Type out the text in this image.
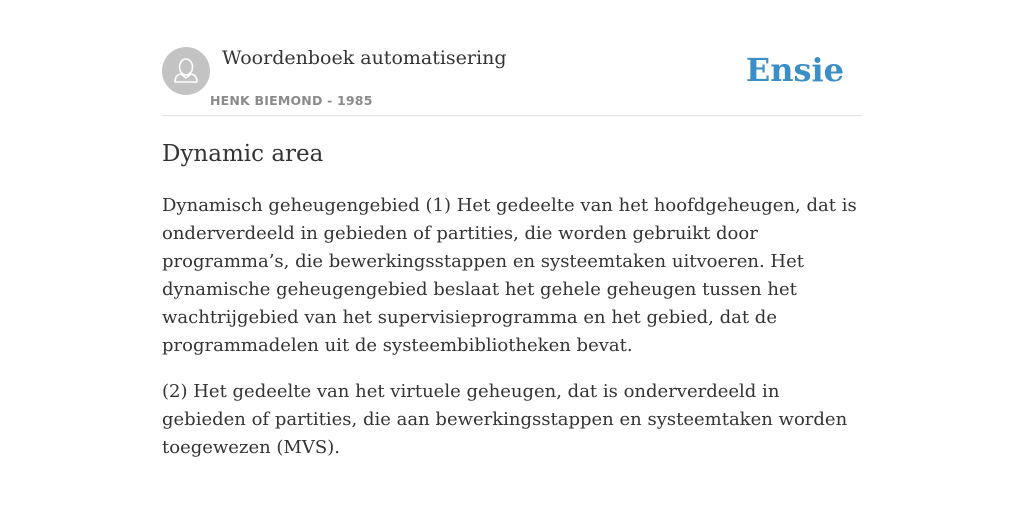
Woordenboek automatisering
HENK BIEMOND - 1985
Ensie
Dynamic area

Dynamisch geheugengebied (1) Het gedeelte van het hoofdgeheugen, dat is onderverdeeld in gebieden of partities, die worden gebruikt door programma’s, die bewerkingsstappen en systeemtaken uitvoeren. Het dynamische geheugengebied beslaat het gehele geheugen tussen het wachtrijgebied van het supervisieprogramma en het gebied, dat de programmadelen uit de systeembibliotheken bevat.

(2) Het gedeelte van het virtuele geheugen, dat is onderverdeeld in gebieden of partities, die aan bewerkingsstappen en systeemtaken worden toegewezen (MVS).
